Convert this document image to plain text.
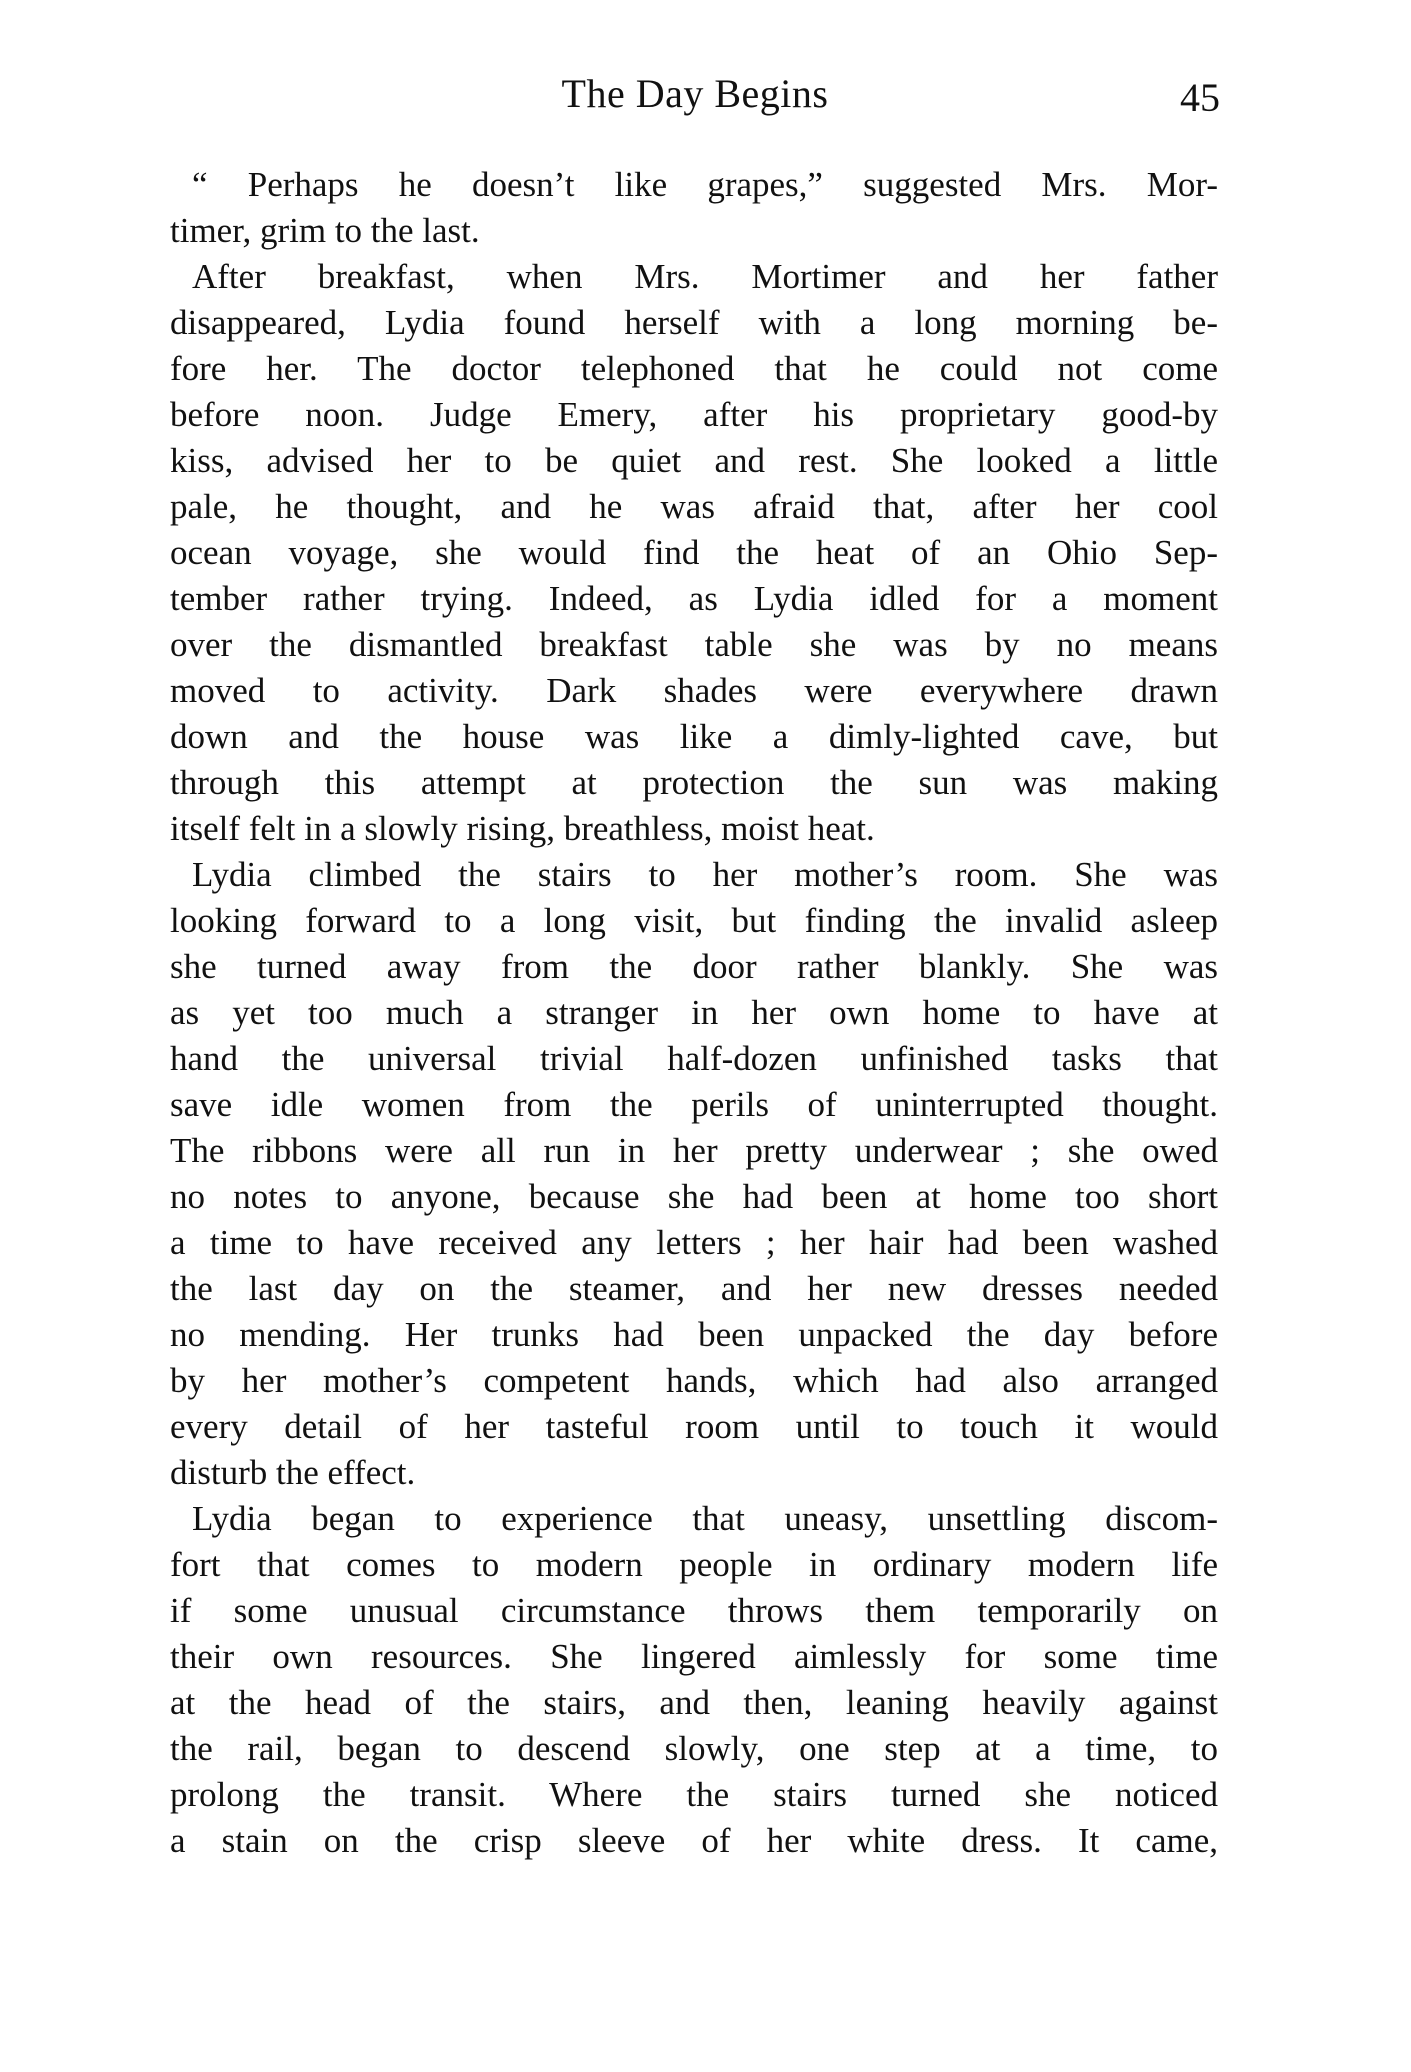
The Day Begins	45
“ Perhaps he doesn’t like grapes,” suggested Mrs. Mor-
timer, grim to the last.
After breakfast, when Mrs. Mortimer and her father
disappeared, Lydia found herself with a long morning be-
fore her. The doctor telephoned that he could not come
before noon. Judge Emery, after his proprietary good-by
kiss, advised her to be quiet and rest. She looked a little
pale, he thought, and he was afraid that, after her cool
ocean voyage, she would find the heat of an Ohio Sep-
tember rather trying. Indeed, as Lydia idled for a moment
over the dismantled breakfast table she was by no means
moved to activity. Dark shades were everywhere drawn
down and the house was like a dimly-lighted cave, but
through this attempt at protection the sun was making
itself felt in a slowly rising, breathless, moist heat.
Lydia climbed the stairs to her mother’s room. She was
looking forward to a long visit, but finding the invalid asleep
she turned away from the door rather blankly. She was
as yet too much a stranger in her own home to have at
hand the universal trivial half-dozen unfinished tasks that
save idle women from the perils of uninterrupted thought.
The ribbons were all run in her pretty underwear ; she owed
no notes to anyone, because she had been at home too short
a time to have received any letters ; her hair had been washed
the last day on the steamer, and her new dresses needed
no mending. Her trunks had been unpacked the day before
by her mother’s competent hands, which had also arranged
every detail of her tasteful room until to touch it would
disturb the effect.
Lydia began to experience that uneasy, unsettling discom-
fort that comes to modern people in ordinary modern life
if some unusual circumstance throws them temporarily on
their own resources. She lingered aimlessly for some time
at the head of the stairs, and then, leaning heavily against
the rail, began to descend slowly, one step at a time, to
prolong the transit. Where the stairs turned she noticed
a stain on the crisp sleeve of her white dress. It came,
